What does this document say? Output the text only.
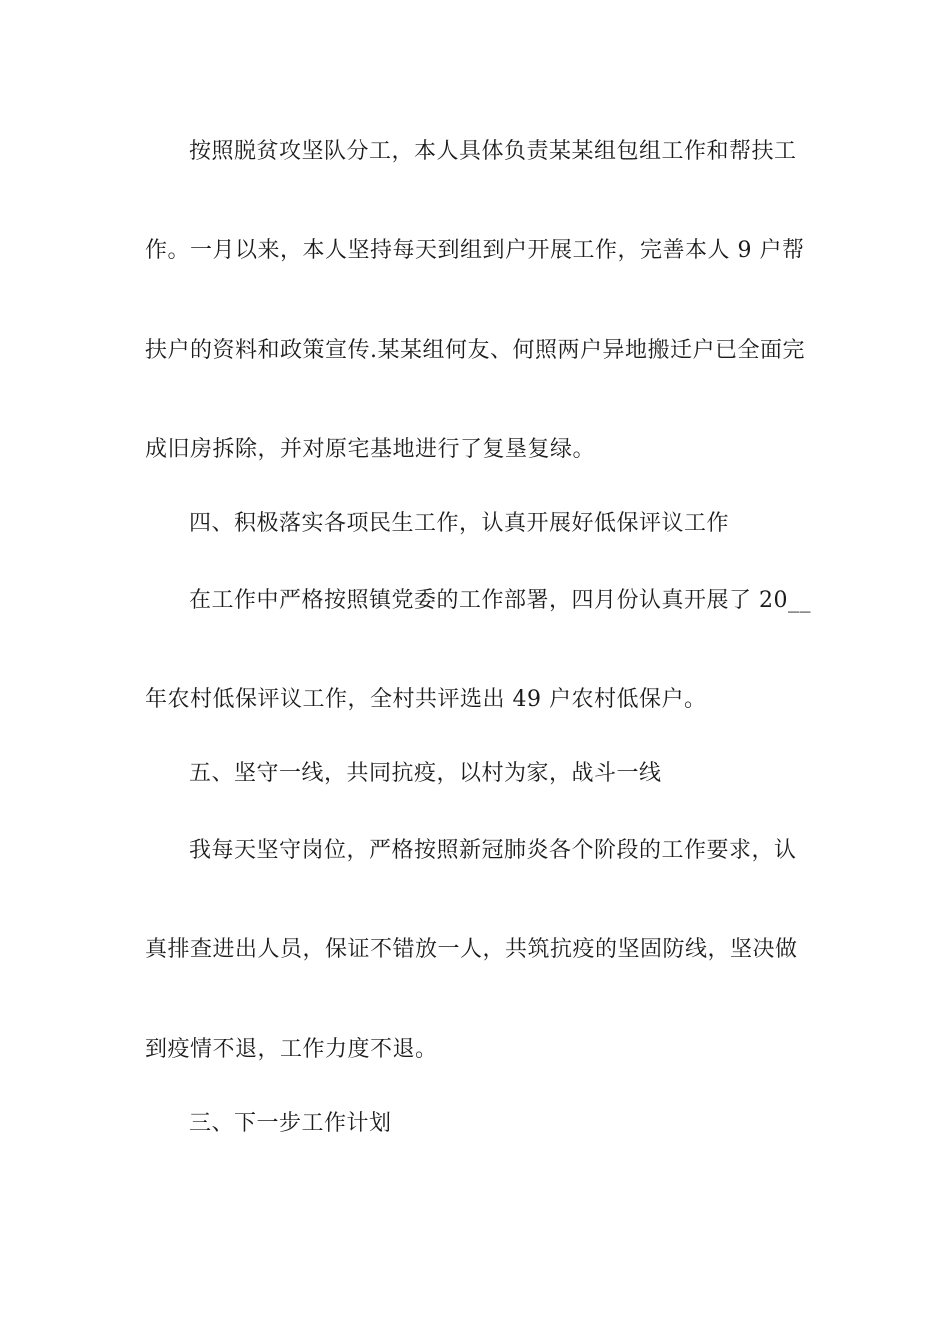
按照脱贫攻坚队分工，本人具体负责某某组包组工作和帮扶工
作。一月以来，本人坚持每天到组到户开展工作，完善本人 9 户帮
扶户的资料和政策宣传.某某组何友、何照两户异地搬迁户已全面完
成旧房拆除，并对原宅基地进行了复垦复绿。
四、积极落实各项民生工作，认真开展好低保评议工作
在工作中严格按照镇党委的工作部署，四月份认真开展了 20__
年农村低保评议工作，全村共评选出 49 户农村低保户。
五、坚守一线，共同抗疫，以村为家，战斗一线
我每天坚守岗位，严格按照新冠肺炎各个阶段的工作要求，认
真排查进出人员，保证不错放一人，共筑抗疫的坚固防线，坚决做
到疫情不退，工作力度不退。
三、下一步工作计划
